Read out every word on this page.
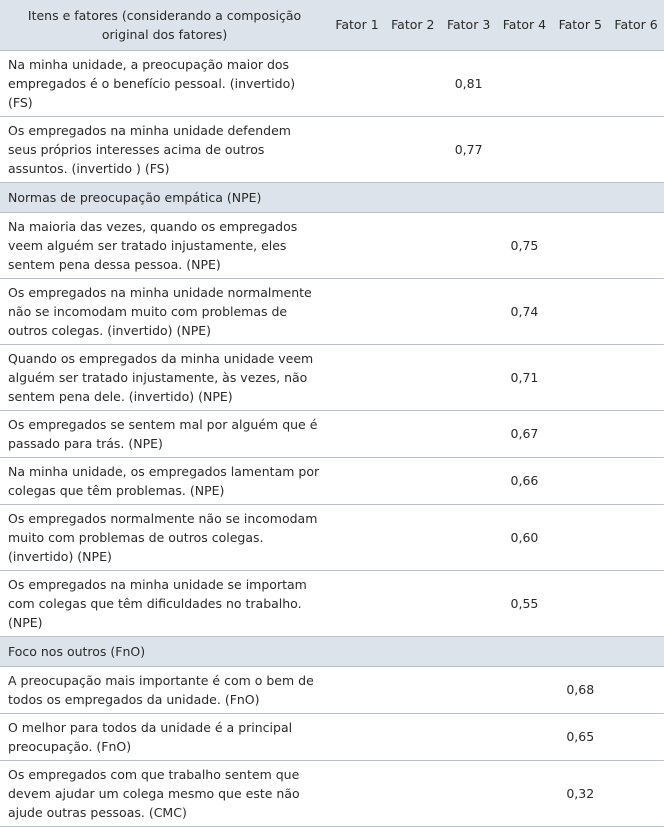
Itens e fatores (considerando a composição original dos fatores)	Fator 1	Fator 2	Fator 3	Fator 4	Fator 5	Fator 6
Na minha unidade, a preocupação maior dos empregados é o benefício pessoal. (invertido) (FS)			0,81			
Os empregados na minha unidade defendem seus próprios interesses acima de outros assuntos. (invertido ) (FS)			0,77			
Normas de preocupação empática (NPE)						
Na maioria das vezes, quando os empregados veem alguém ser tratado injustamente, eles sentem pena dessa pessoa. (NPE)				0,75		
Os empregados na minha unidade normalmente não se incomodam muito com problemas de outros colegas. (invertido) (NPE)				0,74		
Quando os empregados da minha unidade veem alguém ser tratado injustamente, às vezes, não sentem pena dele. (invertido) (NPE)				0,71		
Os empregados se sentem mal por alguém que é passado para trás. (NPE)				0,67		
Na minha unidade, os empregados lamentam por colegas que têm problemas. (NPE)				0,66		
Os empregados normalmente não se incomodam muito com problemas de outros colegas. (invertido) (NPE)				0,60		
Os empregados na minha unidade se importam com colegas que têm dificuldades no trabalho. (NPE)				0,55		
Foco nos outros (FnO)						
A preocupação mais importante é com o bem de todos os empregados da unidade. (FnO)					0,68	
O melhor para todos da unidade é a principal preocupação. (FnO)					0,65	
Os empregados com que trabalho sentem que devem ajudar um colega mesmo que este não ajude outras pessoas. (CMC)					0,32	
